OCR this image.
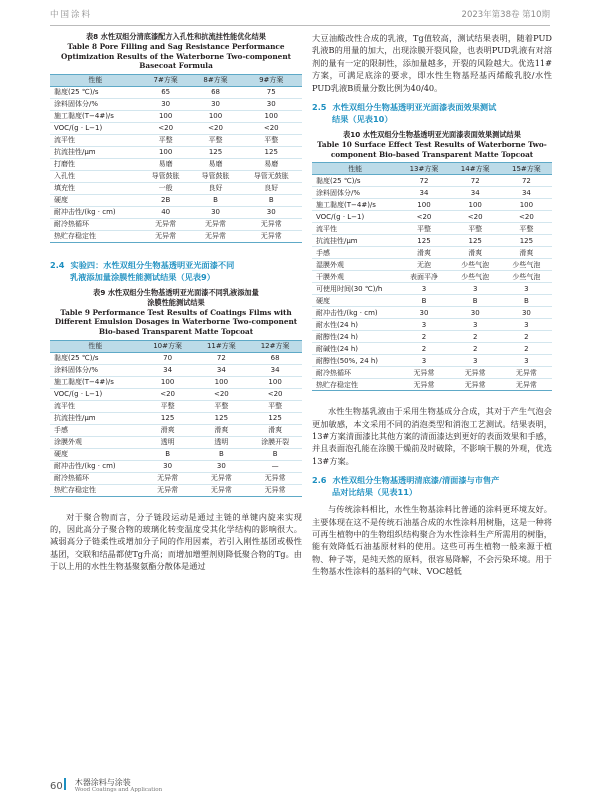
中国涂料	2023年第38卷 第10期
表8 水性双组分清底漆配方入孔性和抗流挂性能优化结果
Table 8 Pore Filling and Sag Resistance Performance Optimization Results of the Waterborne Two-component Basecoat Formula
性能	7#方案	8#方案	9#方案
黏度(25 ℃)/s	65	68	75
涂料固体分/%	30	30	30
施工黏度(T−4#)/s	100	100	100
VOC/(g · L−1)	<20	<20	<20
流平性	平整	平整	平整
抗流挂性/μm	100	125	125
打磨性	易磨	易磨	易磨
入孔性	导管鼓胀	导管鼓胀	导管无鼓胀
填充性	一般	良好	良好
硬度	2B	B	B
耐冲击性/(kg · cm)	40	30	30
耐冷热循环	无异常	无异常	无异常
热贮存稳定性	无异常	无异常	无异常
2.4 实验四：水性双组分生物基透明亚光面漆不同
乳液添加量涂膜性能测试结果（见表9）
表9 水性双组分生物基透明亚光面漆不同乳液添加量
涂膜性能测试结果
Table 9 Performance Test Results of Coatings Films with Different Emulsion Dosages in Waterborne Two-component Bio-based Transparent Matte Topcoat
性能	10#方案	11#方案	12#方案
黏度(25 ℃)/s	70	72	68
涂料固体分/%	34	34	34
施工黏度(T−4#)/s	100	100	100
VOC/(g · L−1)	<20	<20	<20
流平性	平整	平整	平整
抗流挂性/μm	125	125	125
手感	滑爽	滑爽	滑爽
涂膜外观	透明	透明	涂膜开裂
硬度	B	B	B
耐冲击性/(kg · cm)	30	30	—
耐冷热循环	无异常	无异常	无异常
热贮存稳定性	无异常	无异常	无异常
对于聚合物而言，分子链段运动是通过主链的单键内旋来实现的，因此高分子聚合物的玻璃化转变温度受其化学结构的影响很大。减弱高分子链柔性或增加分子间的作用因素，若引入刚性基团或极性基团，交联和结晶都使Tg升高；而增加增塑剂则降低聚合物的Tg。由于以上用的水性生物基聚氨酯分散体是通过
大豆油酸改性合成的乳液，Tg值较高，测试结果表明，随着PUD乳液B的用量的加大，出现涂膜开裂风险，也表明PUD乳液有对溶剂的量有一定的限制性，添加量越多，开裂的风险越大。优选11#方案，可满足底涂的要求，即水性生物基羟基丙烯酸乳胶/水性PUD乳液B质量分数比例为40/40。
2.5 水性双组分生物基透明亚光面漆表面效果测试
结果（见表10）
表10 水性双组分生物基透明亚光面漆表面效果测试结果
Table 10 Surface Effect Test Results of Waterborne Two-component Bio-based Transparent Matte Topcoat
性能	13#方案	14#方案	15#方案
黏度(25 ℃)/s	72	72	72
涂料固体分/%	34	34	34
施工黏度(T−4#)/s	100	100	100
VOC/(g · L−1)	<20	<20	<20
流平性	平整	平整	平整
抗流挂性/μm	125	125	125
手感	滑爽	滑爽	滑爽
湿膜外观	无泡	少些气泡	少些气泡
干膜外观	表面平净	少些气泡	少些气泡
可使用时间(30 ℃)/h	3	3	3
硬度	B	B	B
耐冲击性/(kg · cm)	30	30	30
耐水性(24 h)	3	3	3
耐醇性(24 h)	2	2	2
耐碱性(24 h)	2	2	2
耐醇性(50%, 24 h)	3	3	3
耐冷热循环	无异常	无异常	无异常
热贮存稳定性	无异常	无异常	无异常
水性生物基乳液由于采用生物基成分合成，其对于产生气泡会更加敏感，本文采用不同的消泡类型和消泡工艺测试。结果表明，13#方案清面漆比其他方案的清面漆达到更好的表面效果和手感，并且表面泡孔能在涂膜干燥前及时破除，不影响干膜的外观，优选13#方案。
2.6 水性双组分生物基透明清底漆/清面漆与市售产
品对比结果（见表11）
与传统涂料相比，水性生物基涂料比普通的涂料更环境友好。主要体现在这不是传统石油基合成的水性涂料用树脂，这是一种将可再生植物中的生物组织结构聚合为水性涂料生产所需用的树脂，能有效降低石油基原材料的使用。这些可再生植物一般来源于植物、种子等，是纯天然的原料，很容易降解，不会污染环境。用于生物基水性涂料的基料的气味、VOC越低
60 木器涂料与涂装
Wood Coatings and Application
